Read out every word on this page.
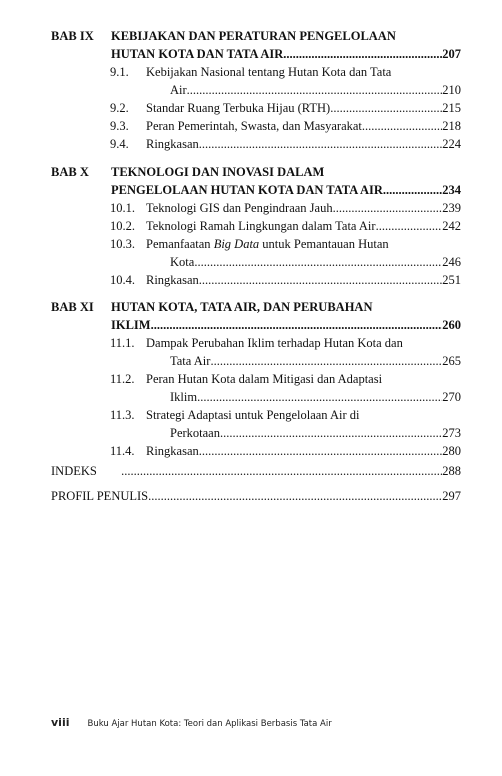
BAB IX	KEBIJAKAN DAN PERATURAN PENGELOLAAN
HUTAN KOTA DAN TATA AIR .....	207
9.1.	Kebijakan Nasional tentang Hutan Kota dan Tata
Air .....	210
9.2.	Standar Ruang Terbuka Hijau (RTH) .....	215
9.3.	Peran Pemerintah, Swasta, dan Masyarakat .....	218
9.4.	Ringkasan .....	224
BAB X	TEKNOLOGI DAN INOVASI DALAM
PENGELOLAAN HUTAN KOTA DAN TATA AIR .....	234
10.1. Teknologi GIS dan Pengindraan Jauh .....	239
10.2. Teknologi Ramah Lingkungan dalam Tata Air .....	242
10.3. Pemanfaatan Big Data untuk Pemantauan Hutan
Kota .....	246
10.4. Ringkasan .....	251
BAB XI	HUTAN KOTA, TATA AIR, DAN PERUBAHAN
IKLIM .....	260
11.1. Dampak Perubahan Iklim terhadap Hutan Kota dan
Tata Air .....	265
11.2. Peran Hutan Kota dalam Mitigasi dan Adaptasi
Iklim .....	270
11.3. Strategi Adaptasi untuk Pengelolaan Air di
Perkotaan .....	273
11.4. Ringkasan .....	280
INDEKS .....	288
PROFIL PENULIS .....	297
viii Buku Ajar Hutan Kota: Teori dan Aplikasi Berbasis Tata Air
